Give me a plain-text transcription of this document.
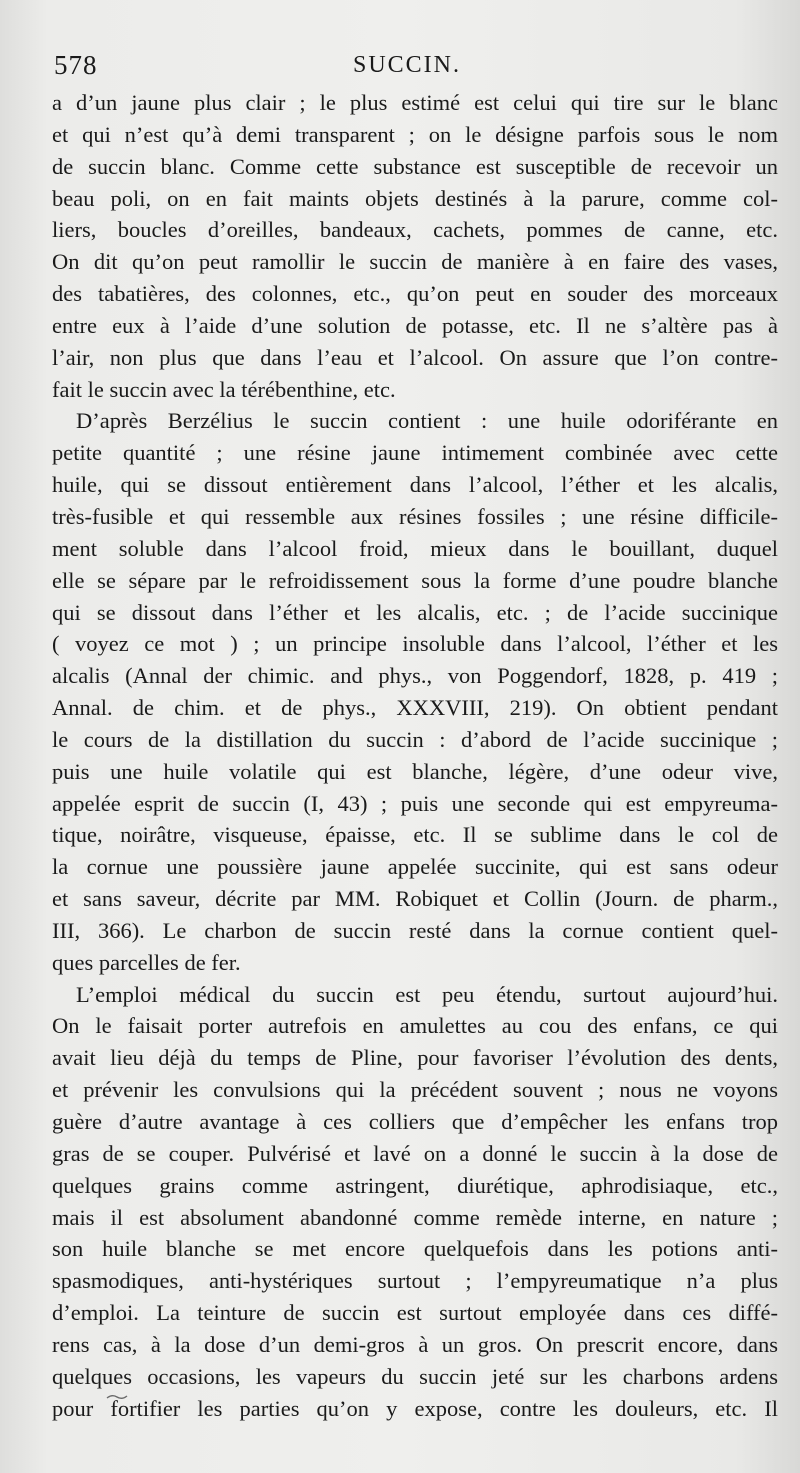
578	SUCCIN.
a d’un jaune plus clair ; le plus estimé est celui qui tire sur le blanc
et qui n’est qu’à demi transparent ; on le désigne parfois sous le nom
de succin blanc. Comme cette substance est susceptible de recevoir un
beau poli, on en fait maints objets destinés à la parure, comme col-
liers, boucles d’oreilles, bandeaux, cachets, pommes de canne, etc.
On dit qu’on peut ramollir le succin de manière à en faire des vases,
des tabatières, des colonnes, etc., qu’on peut en souder des morceaux
entre eux à l’aide d’une solution de potasse, etc. Il ne s’altère pas à
l’air, non plus que dans l’eau et l’alcool. On assure que l’on contre-
fait le succin avec la térébenthine, etc.
D’après Berzélius le succin contient : une huile odoriférante en
petite quantité ; une résine jaune intimement combinée avec cette
huile, qui se dissout entièrement dans l’alcool, l’éther et les alcalis,
très-fusible et qui ressemble aux résines fossiles ; une résine difficile-
ment soluble dans l’alcool froid, mieux dans le bouillant, duquel
elle se sépare par le refroidissement sous la forme d’une poudre blanche
qui se dissout dans l’éther et les alcalis, etc. ; de l’acide succinique
( voyez ce mot ) ; un principe insoluble dans l’alcool, l’éther et les
alcalis (Annal der chimic. and phys., von Poggendorf, 1828, p. 419 ;
Annal. de chim. et de phys., XXXVIII, 219). On obtient pendant
le cours de la distillation du succin : d’abord de l’acide succinique ;
puis une huile volatile qui est blanche, légère, d’une odeur vive,
appelée esprit de succin (I, 43) ; puis une seconde qui est empyreuma-
tique, noirâtre, visqueuse, épaisse, etc. Il se sublime dans le col de
la cornue une poussière jaune appelée succinite, qui est sans odeur
et sans saveur, décrite par MM. Robiquet et Collin (Journ. de pharm.,
III, 366). Le charbon de succin resté dans la cornue contient quel-
ques parcelles de fer.
L’emploi médical du succin est peu étendu, surtout aujourd’hui.
On le faisait porter autrefois en amulettes au cou des enfans, ce qui
avait lieu déjà du temps de Pline, pour favoriser l’évolution des dents,
et prévenir les convulsions qui la précédent souvent ; nous ne voyons
guère d’autre avantage à ces colliers que d’empêcher les enfans trop
gras de se couper. Pulvérisé et lavé on a donné le succin à la dose de
quelques grains comme astringent, diurétique, aphrodisiaque, etc.,
mais il est absolument abandonné comme remède interne, en nature ;
son huile blanche se met encore quelquefois dans les potions anti-
spasmodiques, anti-hystériques surtout ; l’empyreumatique n’a plus
d’emploi. La teinture de succin est surtout employée dans ces diffé-
rens cas, à la dose d’un demi-gros à un gros. On prescrit encore, dans
quelques occasions, les vapeurs du succin jeté sur les charbons ardens
pour fortifier les parties qu’on y expose, contre les douleurs, etc. Il
